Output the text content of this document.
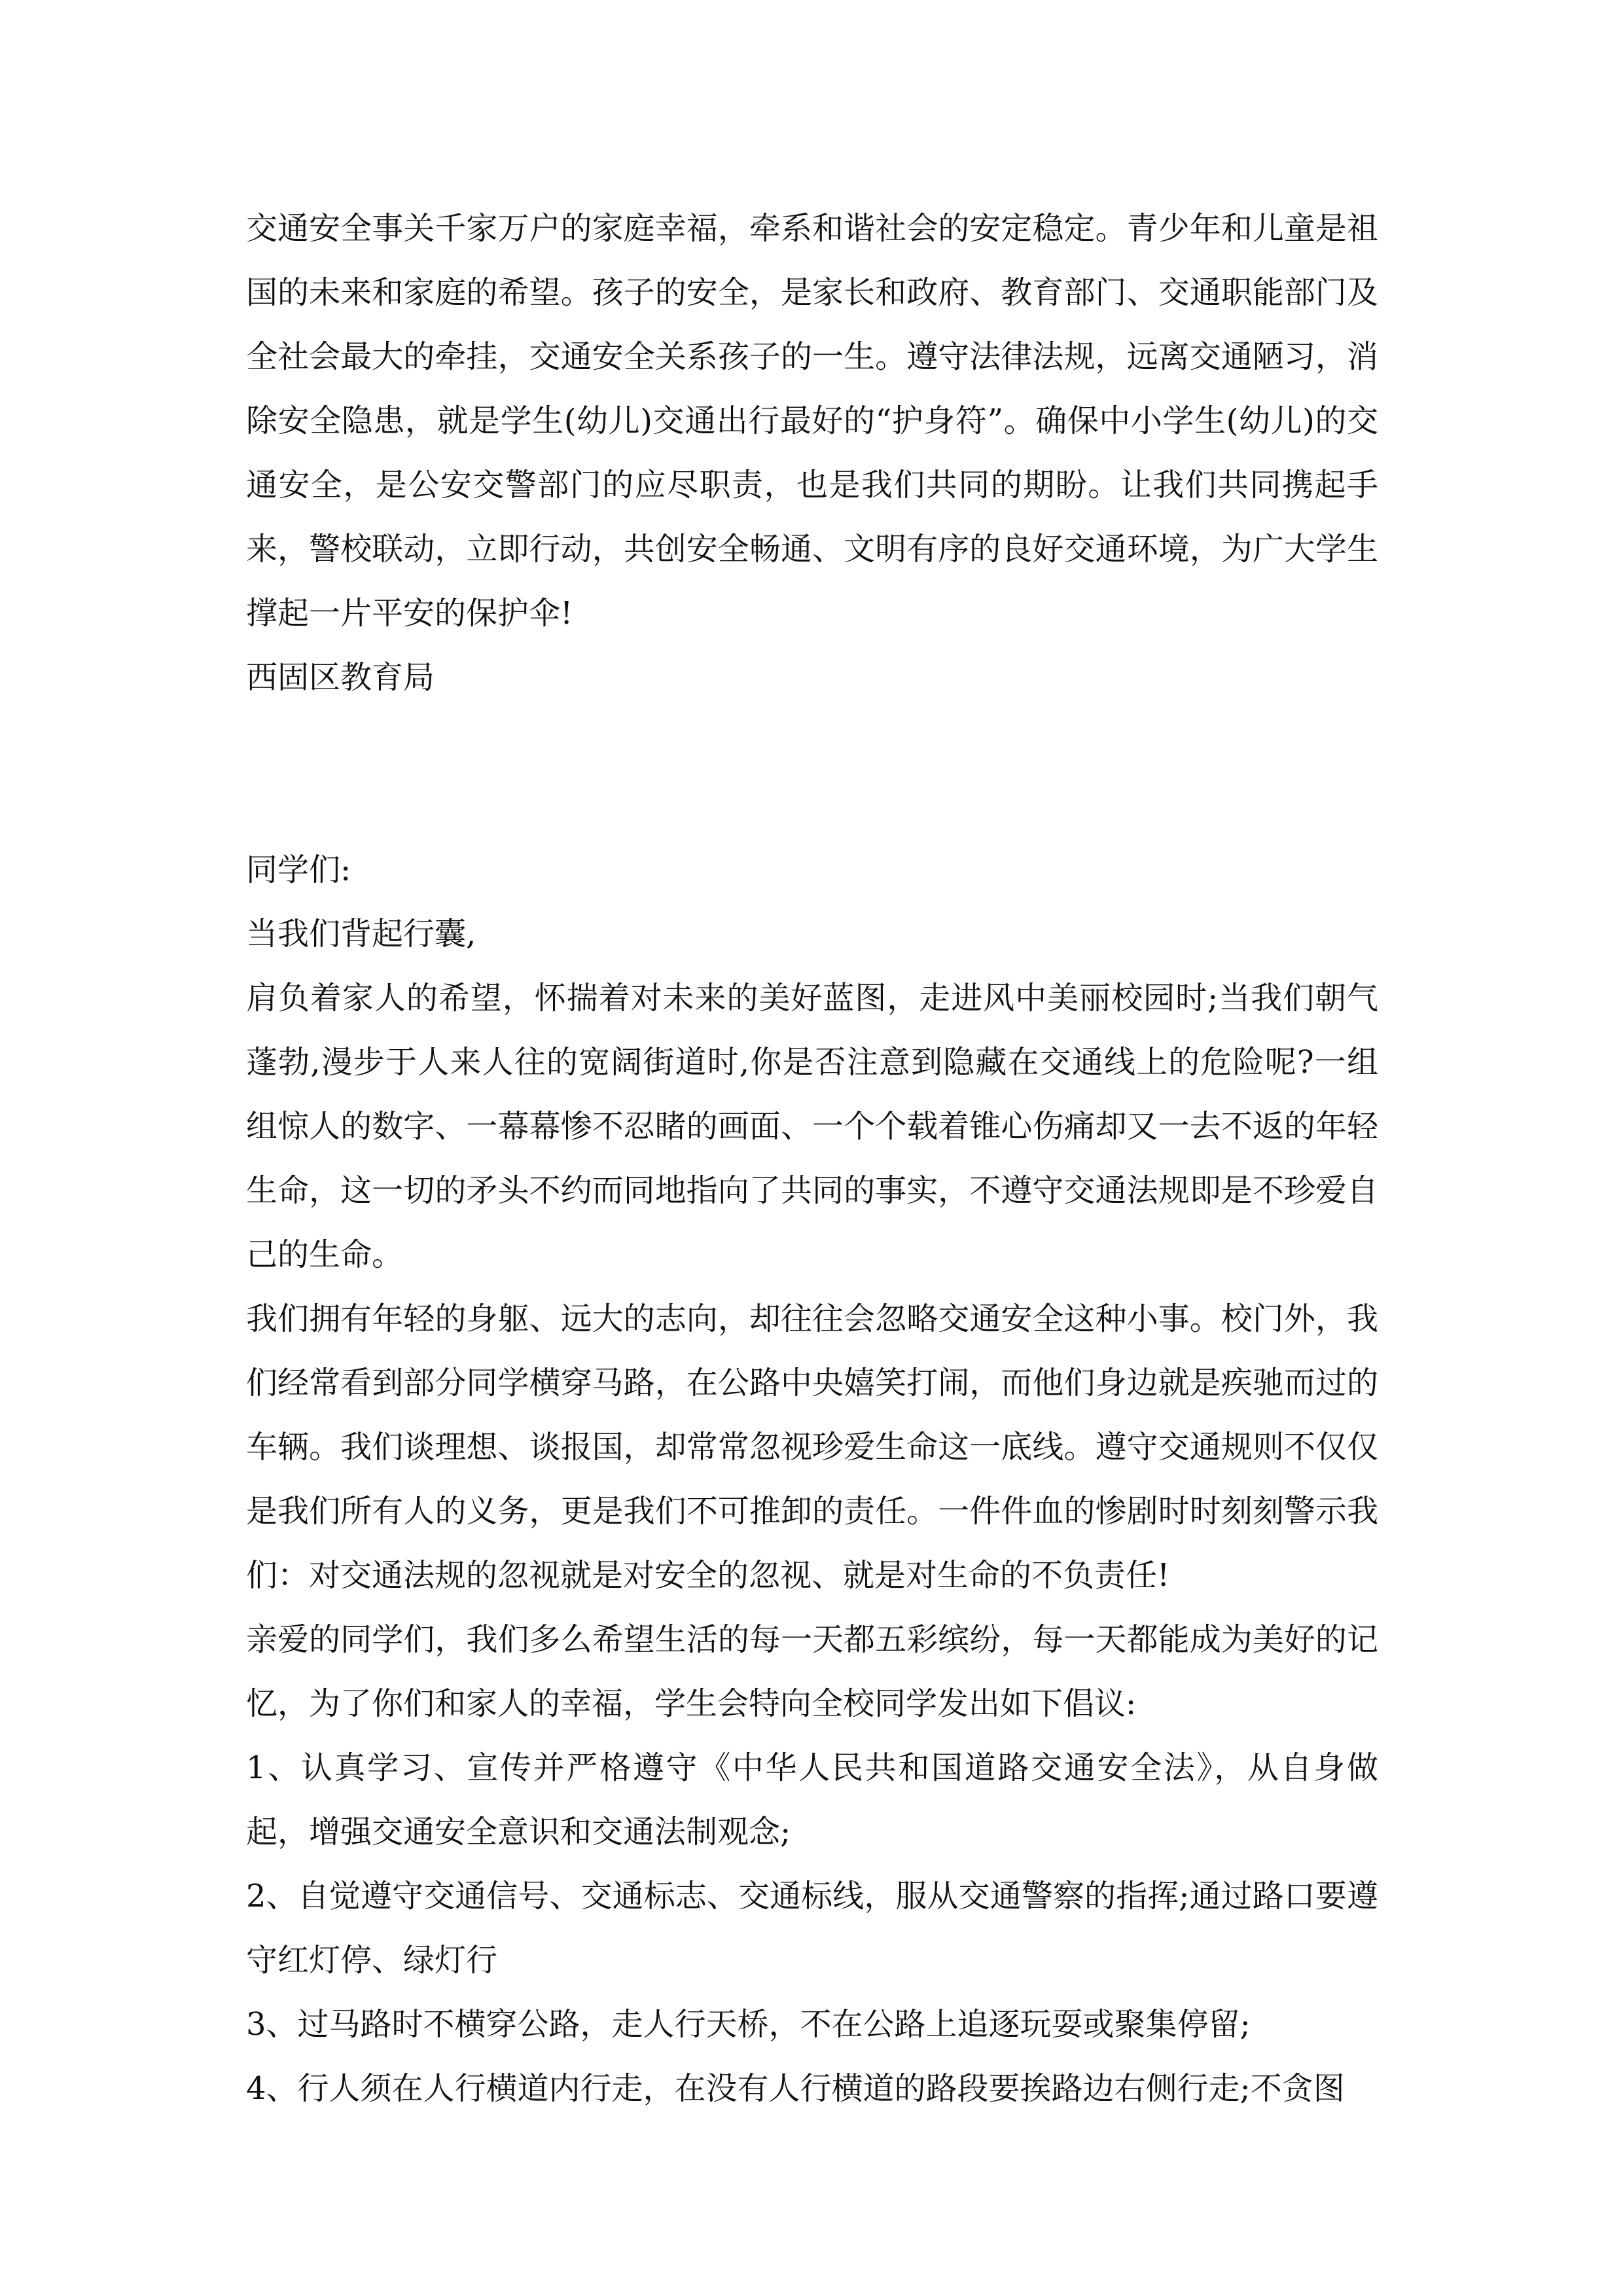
交通安全事关千家万户的家庭幸福，牵系和谐社会的安定稳定。青少年和儿童是祖国的未来和家庭的希望。孩子的安全，是家长和政府、教育部门、交通职能部门及全社会最大的牵挂，交通安全关系孩子的一生。遵守法律法规，远离交通陋习，消除安全隐患，就是学生(幼儿)交通出行最好的“护身符”。确保中小学生(幼儿)的交通安全，是公安交警部门的应尽职责，也是我们共同的期盼。让我们共同携起手来，警校联动，立即行动，共创安全畅通、文明有序的良好交通环境，为广大学生撑起一片平安的保护伞!

西固区教育局

同学们:

当我们背起行囊,

肩负着家人的希望，怀揣着对未来的美好蓝图，走进风中美丽校园时;当我们朝气蓬勃,漫步于人来人往的宽阔街道时,你是否注意到隐藏在交通线上的危险呢?一组组惊人的数字、一幕幕惨不忍睹的画面、一个个载着锥心伤痛却又一去不返的年轻生命，这一切的矛头不约而同地指向了共同的事实，不遵守交通法规即是不珍爱自己的生命。

我们拥有年轻的身躯、远大的志向，却往往会忽略交通安全这种小事。校门外，我们经常看到部分同学横穿马路，在公路中央嬉笑打闹，而他们身边就是疾驰而过的车辆。我们谈理想、谈报国，却常常忽视珍爱生命这一底线。遵守交通规则不仅仅是我们所有人的义务，更是我们不可推卸的责任。一件件血的惨剧时时刻刻警示我们：对交通法规的忽视就是对安全的忽视、就是对生命的不负责任!

亲爱的同学们，我们多么希望生活的每一天都五彩缤纷，每一天都能成为美好的记忆，为了你们和家人的幸福，学生会特向全校同学发出如下倡议:

1、认真学习、宣传并严格遵守《中华人民共和国道路交通安全法》，从自身做起，增强交通安全意识和交通法制观念;

2、自觉遵守交通信号、交通标志、交通标线，服从交通警察的指挥;通过路口要遵守红灯停、绿灯行

3、过马路时不横穿公路，走人行天桥，不在公路上追逐玩耍或聚集停留;

4、行人须在人行横道内行走，在没有人行横道的路段要挨路边右侧行走;不贪图
